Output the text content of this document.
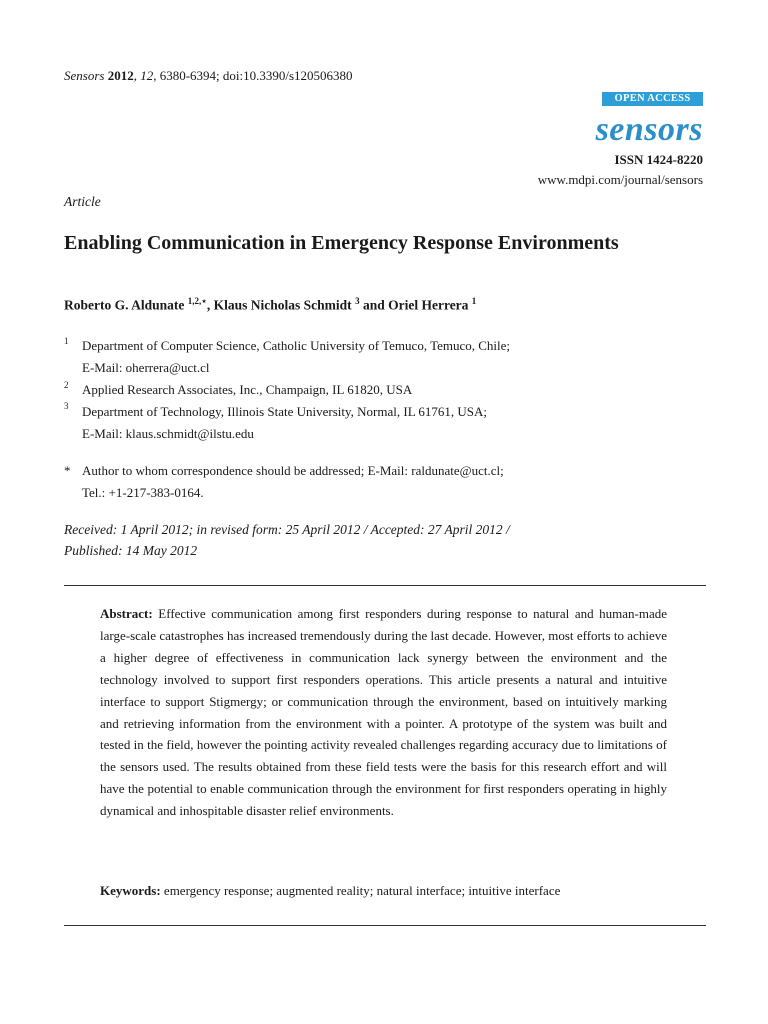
Sensors 2012, 12, 6380-6394; doi:10.3390/s120506380
OPEN ACCESS
sensors
ISSN 1424-8220
www.mdpi.com/journal/sensors
Article
Enabling Communication in Emergency Response Environments
Roberto G. Aldunate $^{1,2,⋆}$, Klaus Nicholas Schmidt $^3$ and Oriel Herrera $^1$
1 Department of Computer Science, Catholic University of Temuco, Temuco, Chile;
E-Mail: oherrera@uct.cl
2 Applied Research Associates, Inc., Champaign, IL 61820, USA
3 Department of Technology, Illinois State University, Normal, IL 61761, USA;
E-Mail: klaus.schmidt@ilstu.edu
* Author to whom correspondence should be addressed; E-Mail: raldunate@uct.cl;
Tel.: +1-217-383-0164.
Received: 1 April 2012; in revised form: 25 April 2012 / Accepted: 27 April 2012 /
Published: 14 May 2012

Abstract: Effective communication among first responders during response to natural and human-made large-scale catastrophes has increased tremendously during the last decade. However, most efforts to achieve a higher degree of effectiveness in communication lack synergy between the environment and the technology involved to support first responders operations. This article presents a natural and intuitive interface to support Stigmergy; or communication through the environment, based on intuitively marking and retrieving information from the environment with a pointer. A prototype of the system was built and tested in the field, however the pointing activity revealed challenges regarding accuracy due to limitations of the sensors used. The results obtained from these field tests were the basis for this research effort and will have the potential to enable communication through the environment for first responders operating in highly dynamical and inhospitable disaster relief environments.

Keywords: emergency response; augmented reality; natural interface; intuitive interface
